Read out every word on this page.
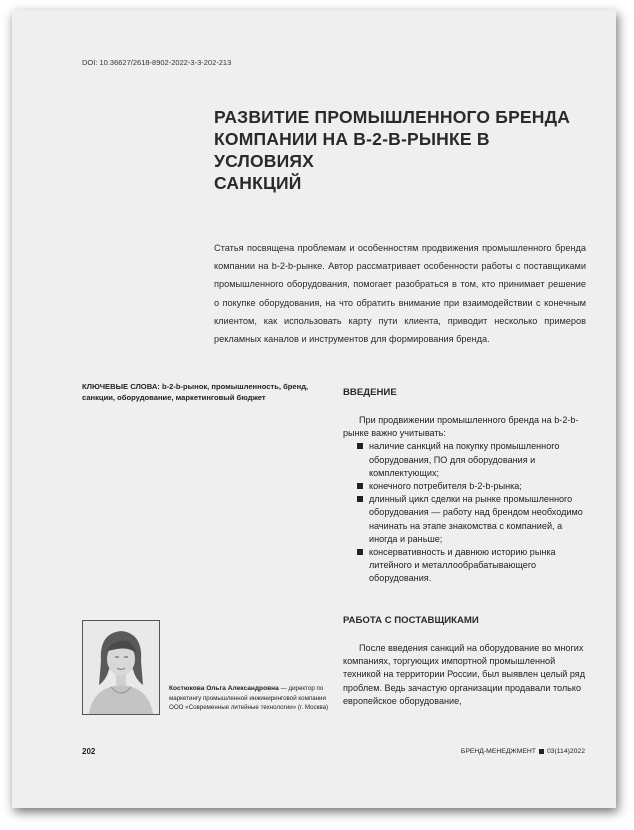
DOI: 10.36627/2618-8902-2022-3-3-202-213
РАЗВИТИЕ ПРОМЫШЛЕННОГО БРЕНДА
КОМПАНИИ НА B-2-B-РЫНКЕ В УСЛОВИЯХ
САНКЦИЙ

Статья посвящена проблемам и особенностям продвижения промышленного бренда компании на b-2-b-рынке. Автор рассматривает особенности работы с поставщиками промышленного оборудования, помогает разобраться в том, кто принимает решение о покупке оборудования, на что обратить внимание при взаимодействии с конечным клиентом, как использовать карту пути клиента, приводит несколько примеров рекламных каналов и инструментов для формирования бренда.

КЛЮЧЕВЫЕ СЛОВА: b-2-b-рынок, промышленность, бренд, санкции, оборудование, маркетинговый бюджет	ВВЕДЕНИЕ

При продвижении промышленного бренда на b-2-b-рынке важно учитывать:

наличие санкций на покупку промышленного оборудования, ПО для оборудования и комплектующих;
конечного потребителя b-2-b-рынка;
длинный цикл сделки на рынке промышленного оборудования — работу над брендом необходимо начинать на этапе знакомства с компанией, а иногда и раньше;
консервативность и давнюю историю рынка литейного и металлообрабатывающего оборудования.
РАБОТА С ПОСТАВЩИКАМИ

После введения санкций на оборудование во многих компаниях, торгующих импортной промышленной техникой на территории России, был выявлен целый ряд проблем. Ведь зачастую организации продавали только европейское оборудование,

Костюкова Ольга Александровна — директор по маркетингу промышленной инжиниринговой компании ООО «Современные литейные технологии» (г. Москва)
202	БРЕНД-МЕНЕДЖМЕНТ 03(114)2022
